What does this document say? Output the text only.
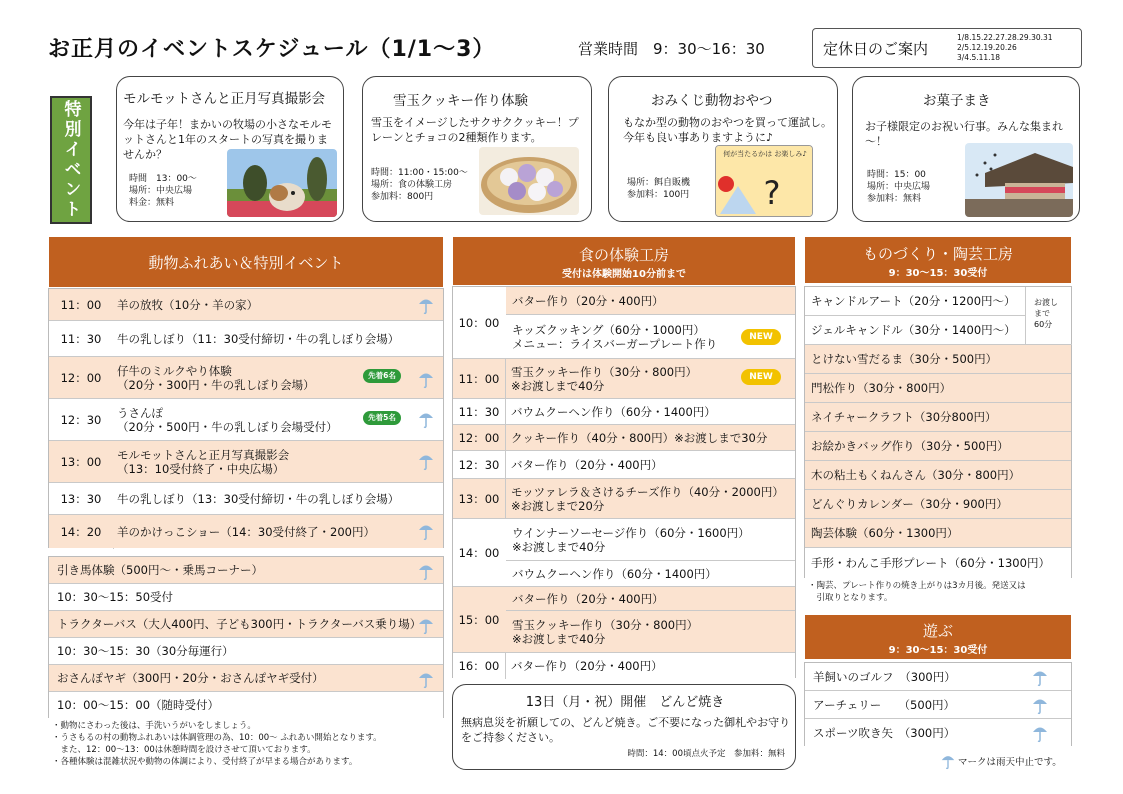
お正月のイベントスケジュール（1/1～3）	営業時間　9：30～16：30	定休日のご案内
1/8.15.22.27.28.29.30.31
2/5.12.19.20.26
3/4.5.11.18
特別イベント
モルモットさんと正月写真撮影会
今年は子年！まかいの牧場の小さなモルモットさんと1年のスタートの写真を撮りませんか？
時間　13：00～
場所：中央広場
料金：無料
雪玉クッキー作り体験
雪玉をイメージしたサクサククッキー！プレーンとチョコの2種類作ります。
時間：11:00・15:00～
場所：食の体験工房
参加料：800円
おみくじ動物おやつ
もなか型の動物のおやつを買って運試し。今年も良い事ありますように♪
場所：餌自販機
参加料：100円 ?
何が当たるかは お楽しみ♪
お菓子まき
お子様限定のお祝い行事。みんな集まれ～！
時間：15：00
場所：中央広場
参加料：無料
動物ふれあい＆特別イベント
11：00	羊の放牧（10分・羊の家）
11：30	牛の乳しぼり（11：30受付締切・牛の乳しぼり会場）
12：00	仔牛のミルクやり体験
（20分・300円・牛の乳しぼり会場）
12：30	うさんぽ
（20分・500円・牛の乳しぼり会場受付）
13：00	モルモットさんと正月写真撮影会
（13：10受付終了・中央広場）
13：30	牛の乳しぼり（13：30受付締切・牛の乳しぼり会場）
14：20	羊のかけっこショー（14：30受付終了・200円）
先着6名
先着5名
引き馬体験（500円～・乗馬コーナー）
10：30～15：50受付
トラクターバス（大人400円、子ども300円・トラクターバス乗り場）
10：30～15：30（30分毎運行）
おさんぽヤギ（300円・20分・おさんぽヤギ受付）
10：00～15：00（随時受付）
・動物にさわった後は、手洗いうがいをしましょう。
・うさもるの村の動物ふれあいは体調管理の為、10：00～ ふれあい開始となります。
　また、12：00～13：00は休憩時間を設けさせて頂いております。
・各種体験は混雑状況や動物の体調により、受付終了が早まる場合があります。
食の体験工房
受付は体験開始10分前まで
10：00
バター作り（20分・400円）
キッズクッキング（60分・1000円）
メニュー：ライスバーガープレート作り
11：00	雪玉クッキー作り（30分・800円）
※お渡しまで40分
11：30	バウムクーヘン作り（60分・1400円）
12：00	クッキー作り（40分・800円）※お渡しまで30分
12：30	バター作り（20分・400円）
13：00	モッツァレラ＆さけるチーズ作り（40分・2000円）
※お渡しまで20分
14：00
ウインナーソーセージ作り（60分・1600円）
※お渡しまで40分
バウムクーヘン作り（60分・1400円）
15：00
バター作り（20分・400円）
雪玉クッキー作り（30分・800円）
※お渡しまで40分
16：00	バター作り（20分・400円）
NEW
NEW
13日（月・祝）開催　どんど焼き
無病息災を祈願しての、どんど焼き。ご不要になった御札やお守りをご持参ください。
時間：14：00頃点火予定　参加料：無料
ものづくり・陶芸工房
9：30～15：30受付
キャンドルアート（20分・1200円～）
ジェルキャンドル（30分・1400円～）
お渡し
まで
60分
とけない雪だるま（30分・500円）
門松作り（30分・800円）
ネイチャークラフト（30分800円）
お絵かきバッグ作り（30分・500円）
木の粘土もくねんさん（30分・800円）
どんぐりカレンダー（30分・900円）
陶芸体験（60分・1300円）
手形・わんこ手形プレート（60分・1300円）
・陶芸、プレート作りの焼き上がりは3カ月後。発送又は
　引取りとなります。
遊ぶ
9：30～15：30受付
羊飼いのゴルフ　（300円）
アーチェリー　　（500円）
スポーツ吹き矢　（300円）
マークは雨天中止です。
